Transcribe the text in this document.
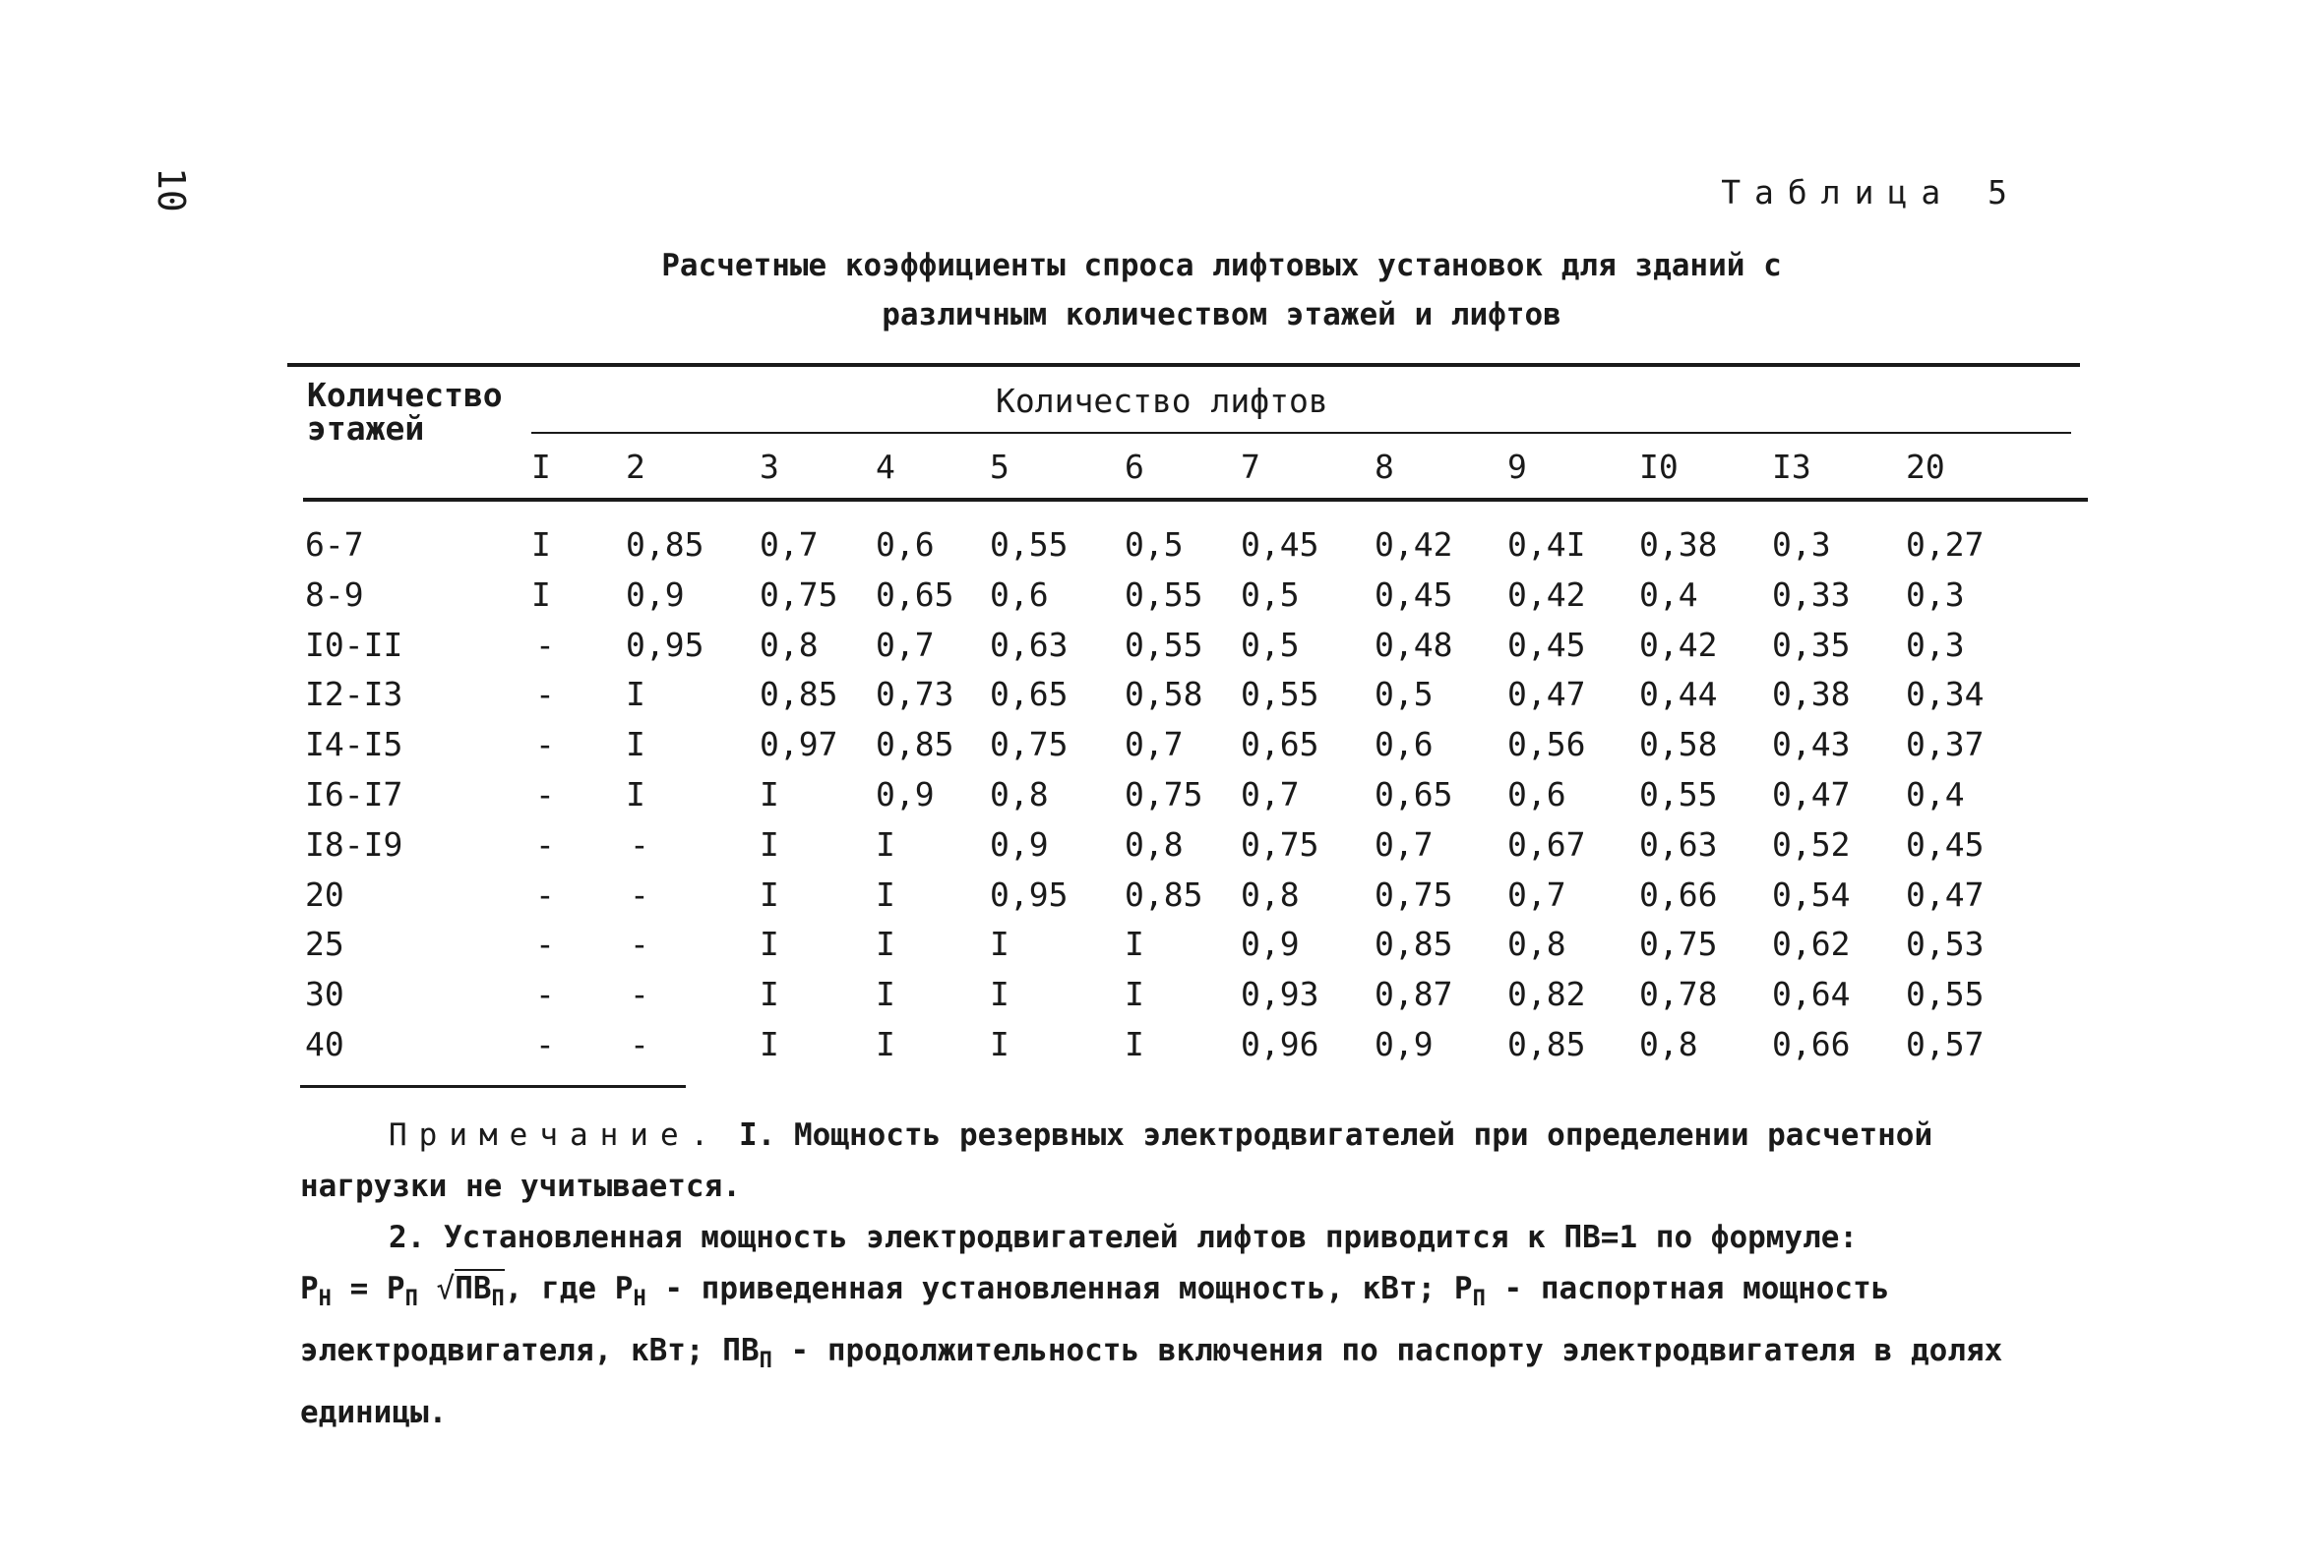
10	Таблица 5
Расчетные коэффициенты спроса лифтовых установок для зданий с различным количеством этажей и лифтов
Количество этажей
Количество лифтов
I 2	3	4	5	6	7	8	9	I0	I3	20
6-7	I 0,85 0,7 0,6 0,55 0,5 0,45 0,42 0,4I 0,38 0,3 0,27
8-9	I 0,9 0,75 0,65 0,6 0,55 0,5 0,45 0,42 0,4 0,33 0,3
I0-II	- 0,95 0,8 0,7 0,63 0,55 0,5 0,48 0,45 0,42 0,35 0,3
I2-I3	- I	0,85 0,73 0,65 0,58 0,55 0,5 0,47 0,44 0,38 0,34
I4-I5	- I	0,97 0,85 0,75 0,7 0,65 0,6 0,56 0,58 0,43 0,37
I6-I7	- I	I	0,9 0,8 0,75 0,7 0,65 0,6 0,55 0,47 0,4
I8-I9	- -	I	I	0,9 0,8 0,75 0,7 0,67 0,63 0,52 0,45
20	- -	I	I	0,95 0,85 0,8 0,75 0,7 0,66 0,54 0,47
25	- -	I	I	I	I	0,9 0,85 0,8 0,75 0,62 0,53
30	- -	I	I	I	I	0,93 0,87 0,82 0,78 0,64 0,55
40	- -	I	I	I	I	0,96 0,9 0,85 0,8 0,66 0,57

Примечание. I. Мощность резервных электродвигателей при определении расчетной нагрузки не учитывается.

2. Установленная мощность электродвигателей лифтов приводится к ПВ=1 по формуле:

$P_Н = P_П$ $√ПВ_П$, где $P_Н$ - приведенная установленная мощность, кВт; $P_П$ - паспортная мощность электродвигателя, кВт; $ПВ_П$ - продолжительность включения по паспорту электродвигателя в долях единицы.
